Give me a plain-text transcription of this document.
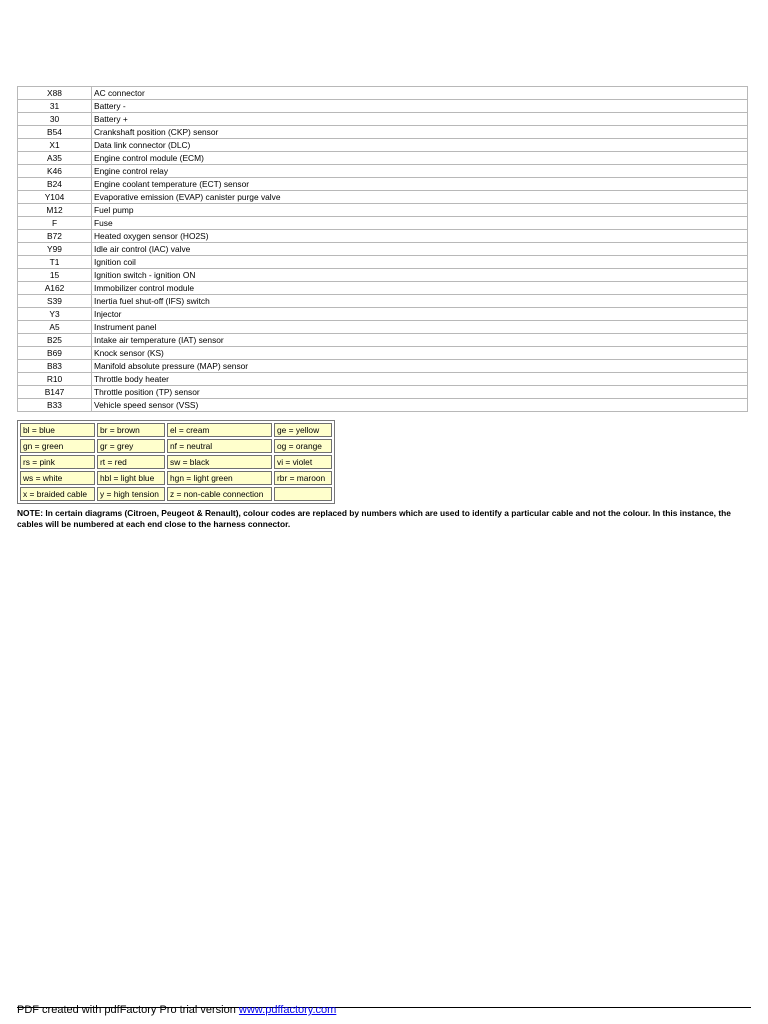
X88	AC connector
31	Battery -
30	Battery +
B54	Crankshaft position (CKP) sensor
X1	Data link connector (DLC)
A35	Engine control module (ECM)
K46	Engine control relay
B24	Engine coolant temperature (ECT) sensor
Y104	Evaporative emission (EVAP) canister purge valve
M12	Fuel pump
F	Fuse
B72	Heated oxygen sensor (HO2S)
Y99	Idle air control (IAC) valve
T1	Ignition coil
15	Ignition switch - ignition ON
A162	Immobilizer control module
S39	Inertia fuel shut-off (IFS) switch
Y3	Injector
A5	Instrument panel
B25	Intake air temperature (IAT) sensor
B69	Knock sensor (KS)
B83	Manifold absolute pressure (MAP) sensor
R10	Throttle body heater
B147	Throttle position (TP) sensor
B33	Vehicle speed sensor (VSS)
bl = blue	br = brown	el = cream	ge = yellow
gn = green	gr = grey	nf = neutral	og = orange
rs = pink	rt = red	sw = black	vi = violet
ws = white	hbl = light blue	hgn = light green	rbr = maroon
x = braided cable	y = high tension	z = non-cable connection	

NOTE: In certain diagrams (Citroen, Peugeot & Renault), colour codes are replaced by numbers which are used to identify a particular cable and not the colour. In this instance, the cables will be numbered at each end close to the harness connector.

PDF created with pdfFactory Pro trial version www.pdffactory.com
